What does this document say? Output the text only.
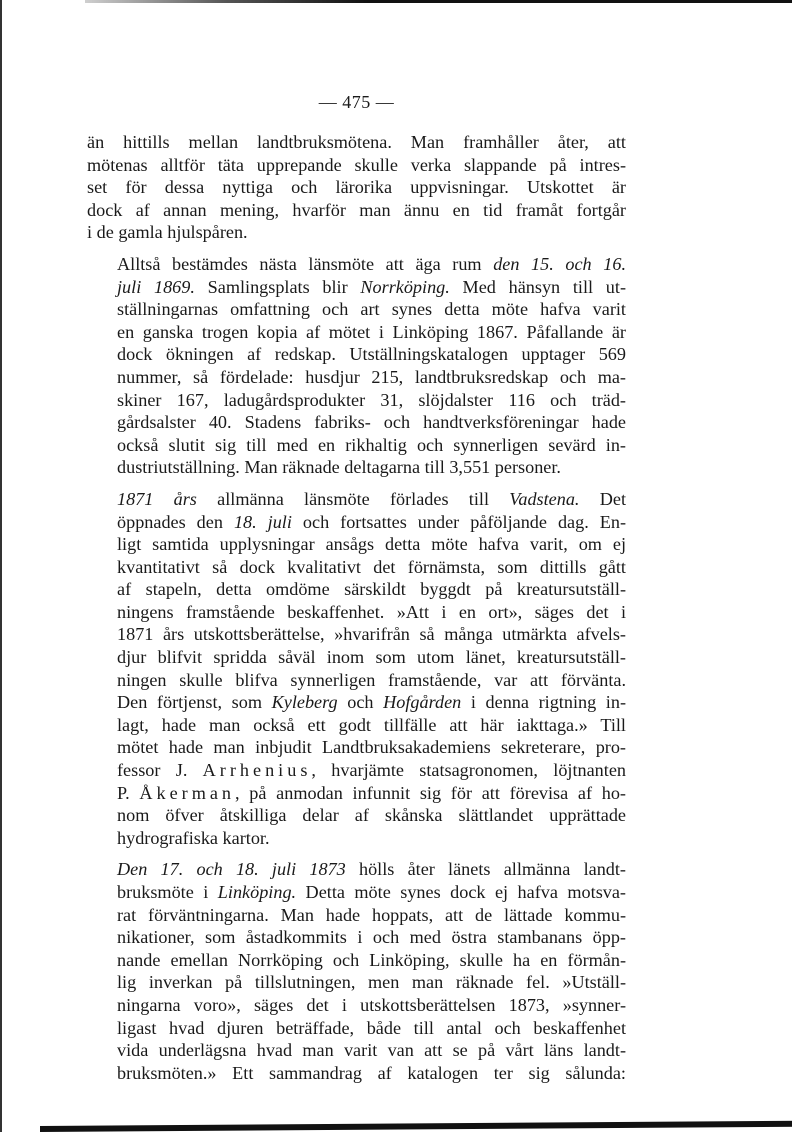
— 475 —
än hittills mellan landtbruksmötena. Man framhåller åter, att
mötenas alltför täta upprepande skulle verka slappande på intres-
set för dessa nyttiga och lärorika uppvisningar. Utskottet är
dock af annan mening, hvarför man ännu en tid framåt fortgår
i de gamla hjulspåren.
Alltså bestämdes nästa länsmöte att äga rum den 15. och 16.
juli 1869. Samlingsplats blir Norrköping. Med hänsyn till ut-
ställningarnas omfattning och art synes detta möte hafva varit
en ganska trogen kopia af mötet i Linköping 1867. Påfallande är
dock ökningen af redskap. Utställningskatalogen upptager 569
nummer, så fördelade: husdjur 215, landtbruksredskap och ma-
skiner 167, ladugårdsprodukter 31, slöjdalster 116 och träd-
gårdsalster 40. Stadens fabriks- och handtverksföreningar hade
också slutit sig till med en rikhaltig och synnerligen sevärd in-
dustriutställning. Man räknade deltagarna till 3,551 personer.
1871 års allmänna länsmöte förlades till Vadstena. Det
öppnades den 18. juli och fortsattes under påföljande dag. En-
ligt samtida upplysningar ansågs detta möte hafva varit, om ej
kvantitativt så dock kvalitativt det förnämsta, som dittills gått
af stapeln, detta omdöme särskildt byggdt på kreatursutställ-
ningens framstående beskaffenhet. »Att i en ort», säges det i
1871 års utskottsberättelse, »hvarifrån så många utmärkta afvels-
djur blifvit spridda såväl inom som utom länet, kreatursutställ-
ningen skulle blifva synnerligen framstående, var att förvänta.
Den förtjenst, som Kyleberg och Hofgården i denna rigtning in-
lagt, hade man också ett godt tillfälle att här iakttaga.» Till
mötet hade man inbjudit Landtbruksakademiens sekreterare, pro-
fessor J. Arrhenius, hvarjämte statsagronomen, löjtnanten
P. Åkerman, på anmodan infunnit sig för att förevisa af ho-
nom öfver åtskilliga delar af skånska slättlandet upprättade
hydrografiska kartor.
Den 17. och 18. juli 1873 hölls åter länets allmänna landt-
bruksmöte i Linköping. Detta möte synes dock ej hafva motsva-
rat förväntningarna. Man hade hoppats, att de lättade kommu-
nikationer, som åstadkommits i och med östra stambanans öpp-
nande emellan Norrköping och Linköping, skulle ha en förmån-
lig inverkan på tillslutningen, men man räknade fel. »Utställ-
ningarna voro», säges det i utskottsberättelsen 1873, »synner-
ligast hvad djuren beträffade, både till antal och beskaffenhet
vida underlägsna hvad man varit van att se på vårt läns landt-
bruksmöten.» Ett sammandrag af katalogen ter sig sålunda:
